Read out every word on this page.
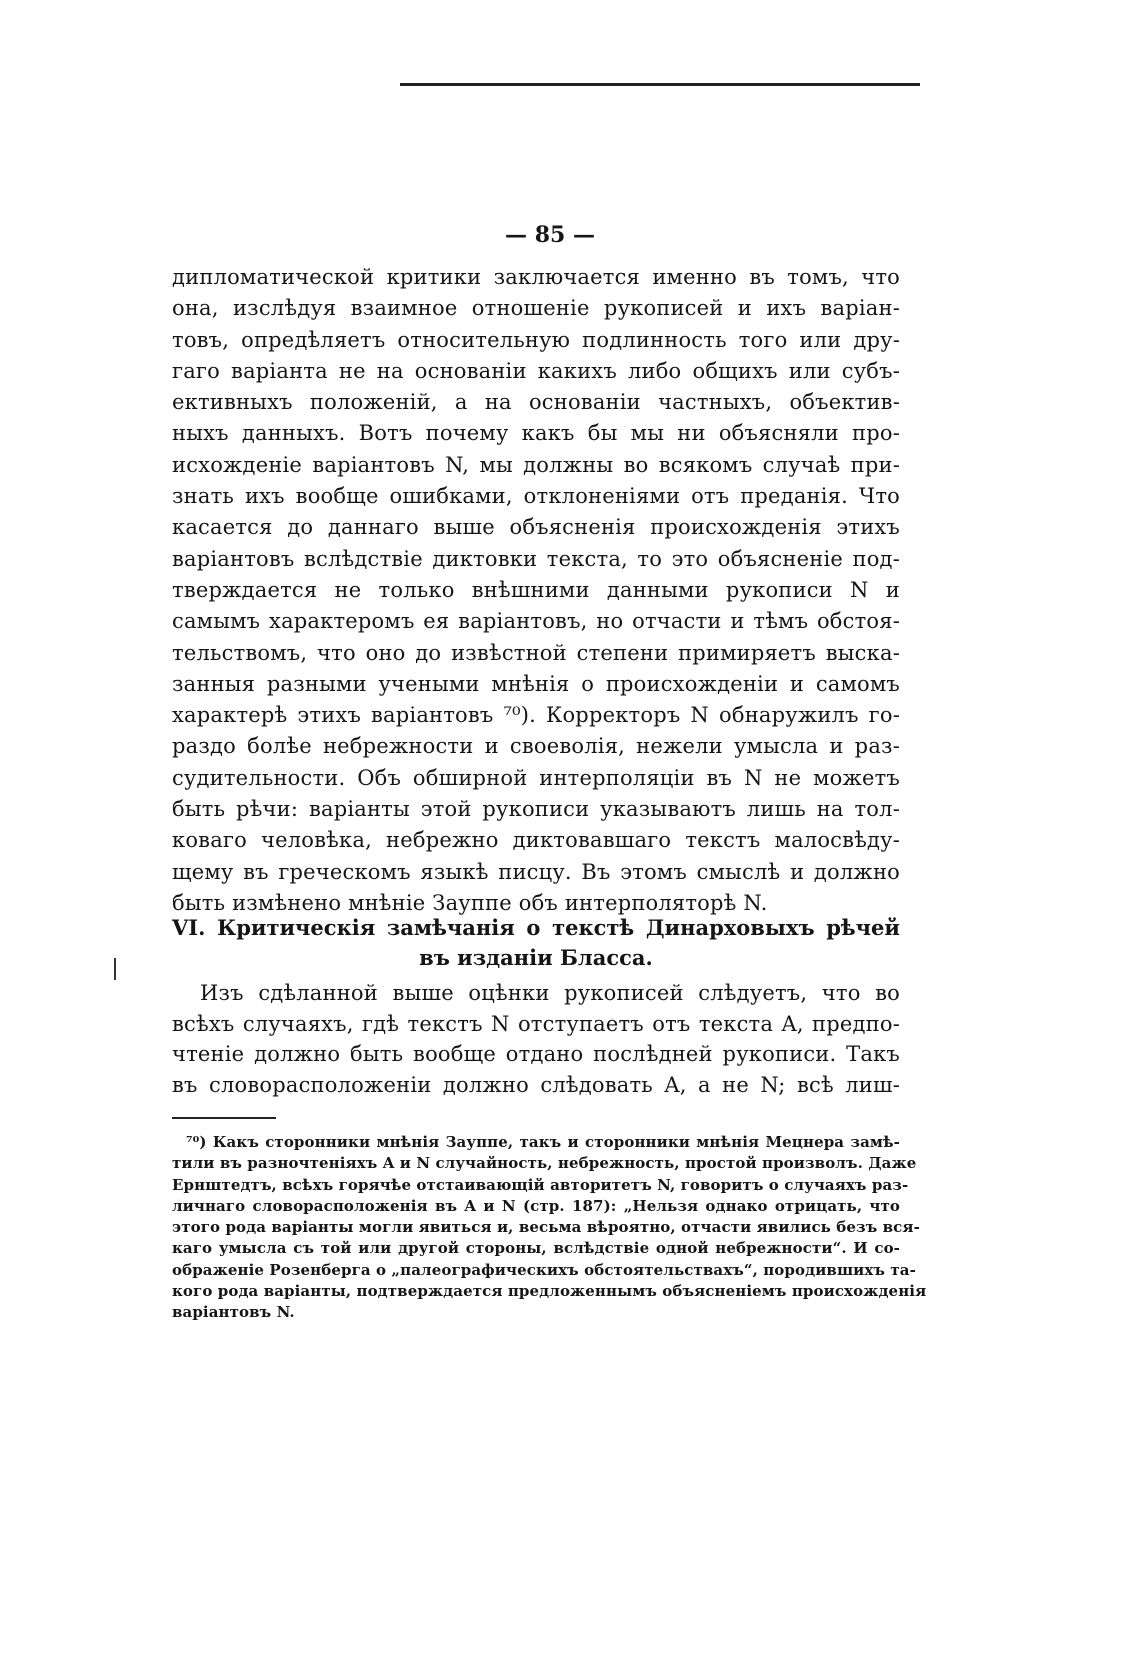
— 85 —
дипломатической критики заключается именно въ томъ, что
она, изслѣдуя взаимное отношеніе рукописей и ихъ варіан-
товъ, опредѣляетъ относительную подлинность того или дру-
гаго варіанта не на основаніи какихъ либо общихъ или субъ-
ективныхъ положеній, а на основаніи частныхъ, объектив-
ныхъ данныхъ. Вотъ почему какъ бы мы ни объясняли про-
исхожденіе варіантовъ N, мы должны во всякомъ случаѣ при-
знать ихъ вообще ошибками, отклоненіями отъ преданія. Что
касается до даннаго выше объясненія происхожденія этихъ
варіантовъ вслѣдствіе диктовки текста, то это объясненіе под-
тверждается не только внѣшними данными рукописи N и
самымъ характеромъ ея варіантовъ, но отчасти и тѣмъ обстоя-
тельствомъ, что оно до извѣстной степени примиряетъ выска-
занныя разными учеными мнѣнія о происхожденіи и самомъ
характерѣ этихъ варіантовъ ⁷⁰). Корректоръ N обнаружилъ го-
раздо болѣе небрежности и своеволія, нежели умысла и раз-
судительности. Объ обширной интерполяціи въ N не можетъ
быть рѣчи: варіанты этой рукописи указываютъ лишь на тол-
коваго человѣка, небрежно диктовавшаго текстъ малосвѣду-
щему въ греческомъ языкѣ писцу. Въ этомъ смыслѣ и должно
быть измѣнено мнѣніе Зауппе объ интерполяторѣ N.
VI. Критическія замѣчанія о текстѣ Динарховыхъ рѣчей
въ изданіи Бласса.
Изъ сдѣланной выше оцѣнки рукописей слѣдуетъ, что во
всѣхъ случаяхъ, гдѣ текстъ N отступаетъ отъ текста A, предпо-
чтеніе должно быть вообще отдано послѣдней рукописи. Такъ
въ словорасположеніи должно слѣдовать A, а не N; всѣ лиш-
⁷⁰) Какъ сторонники мнѣнія Зауппе, такъ и сторонники мнѣнія Мецнера замѣ-
тили въ разночтеніяхъ A и N случайность, небрежность, простой произволъ. Даже
Ернштедтъ, всѣхъ горячѣе отстаивающій авторитетъ N, говоритъ о случаяхъ раз-
личнаго словорасположенія въ A и N (стр. 187): „Нельзя однако отрицать, что
этого рода варіанты могли явиться и, весьма вѣроятно, отчасти явились безъ вся-
каго умысла съ той или другой стороны, вслѣдствіе одной небрежности“. И со-
ображеніе Розенберга о „палеографическихъ обстоятельствахъ“, породившихъ та-
кого рода варіанты, подтверждается предложеннымъ объясненіемъ происхожденія
варіантовъ N.
